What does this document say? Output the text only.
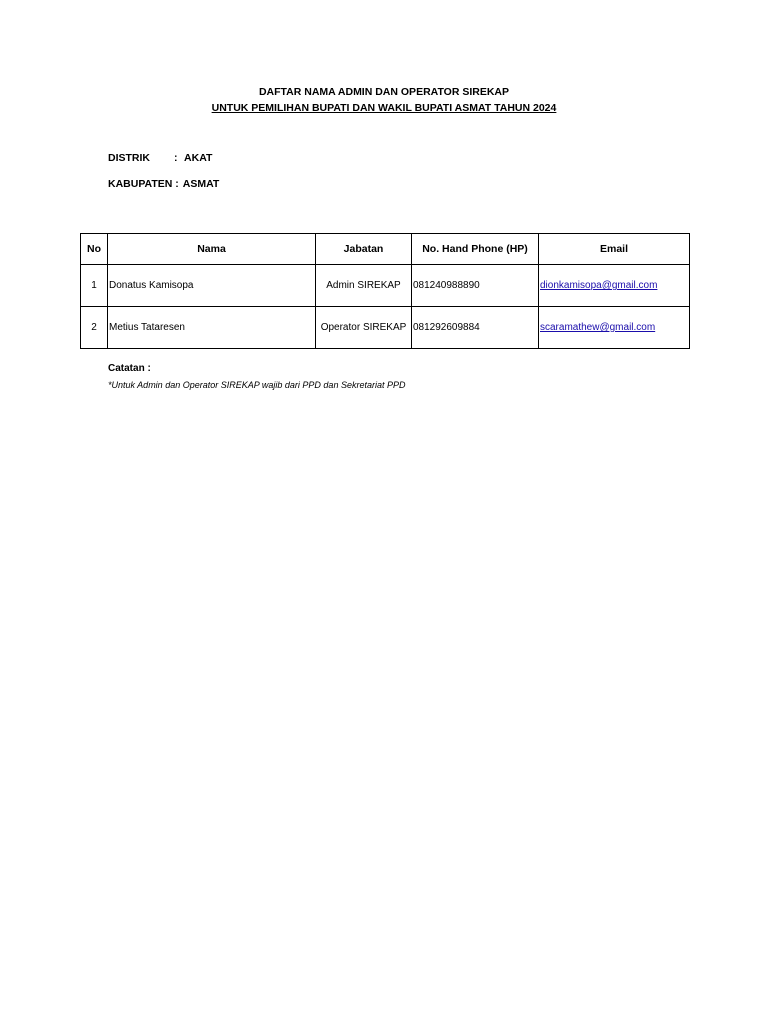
DAFTAR NAMA ADMIN DAN OPERATOR SIREKAP
UNTUK PEMILIHAN BUPATI DAN WAKIL BUPATI ASMAT TAHUN 2024
DISTRIK : AKAT
KABUPATEN : ASMAT
No	Nama	Jabatan	No. Hand Phone (HP)	Email
1	Donatus Kamisopa	Admin SIREKAP	081240988890	dionkamisopa@gmail.com
2	Metius Tataresen	Operator SIREKAP	081292609884	scaramathew@gmail.com
Catatan :
*Untuk Admin dan Operator SIREKAP wajib dari PPD dan Sekretariat PPD
